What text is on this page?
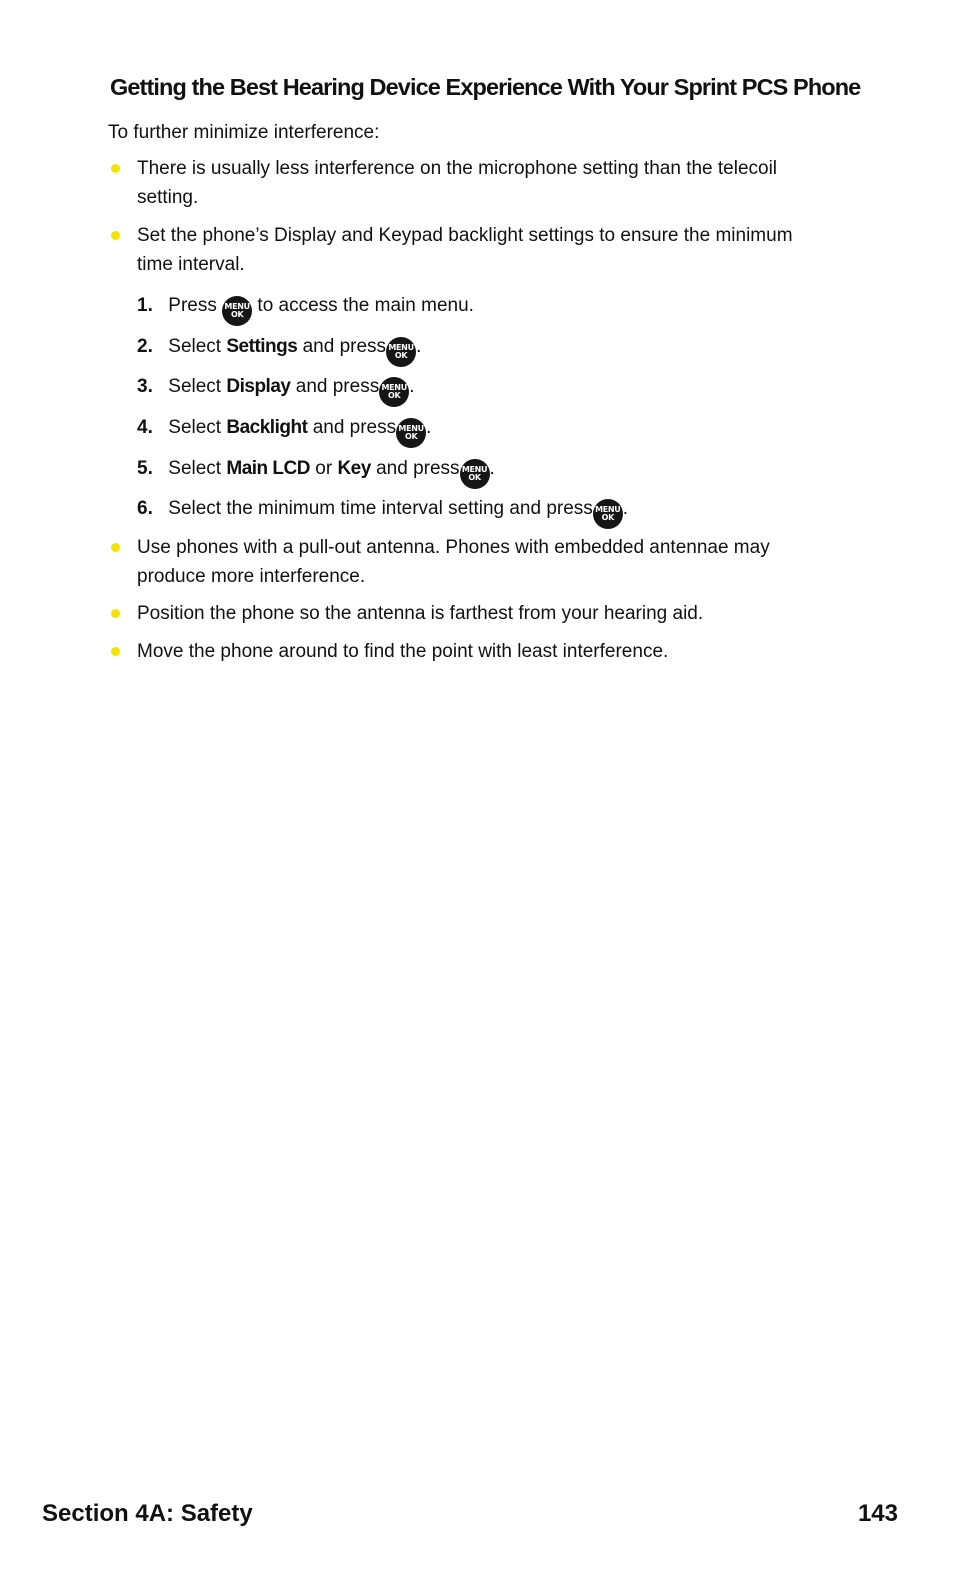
Getting the Best Hearing Device Experience With Your Sprint PCS Phone

To further minimize interference:

There is usually less interference on the microphone setting than the telecoil setting.

Set the phone’s Display and Keypad backlight settings to ensure the minimum time interval.

1. Press MENU
OK to access the main menu.

2. Select Settings and press MENU
OK .

3. Select Display and press MENU
OK .

4. Select Backlight and press MENU
OK .

5. Select Main LCD or Key and press MENU
OK .

6. Select the minimum time interval setting and press MENU
OK .

Use phones with a pull-out antenna. Phones with embedded antennae may produce more interference.

Position the phone so the antenna is farthest from your hearing aid.

Move the phone around to find the point with least interference.

Section 4A: Safety	143
